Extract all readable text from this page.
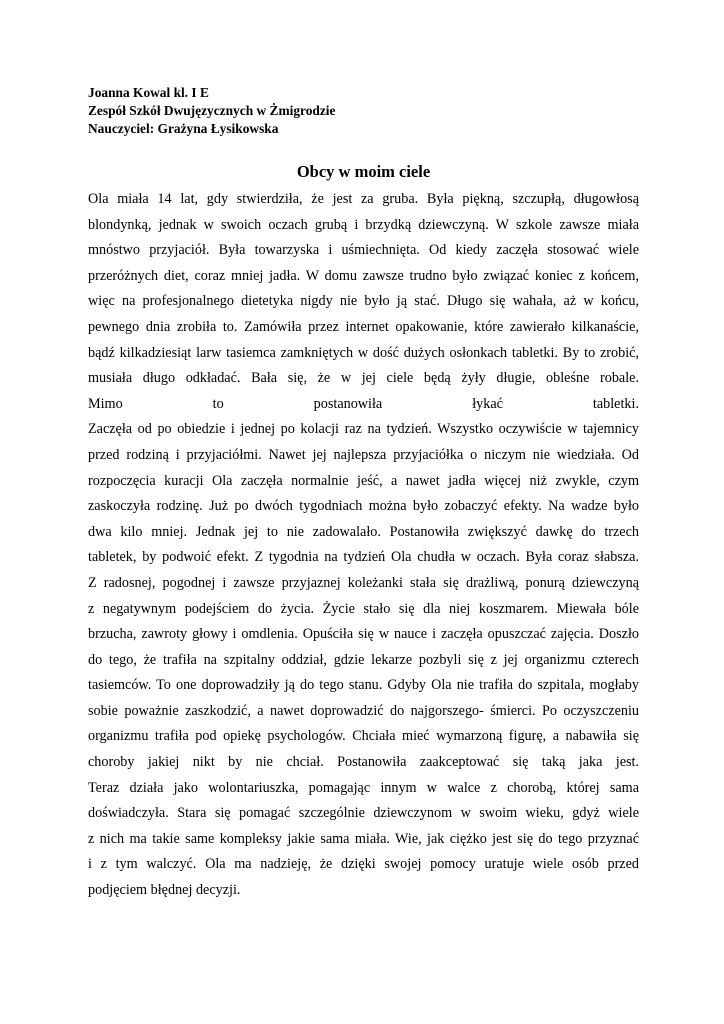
Joanna Kowal kl. I E
Zespół Szkół Dwujęzycznych w Żmigrodzie
Nauczyciel: Grażyna Łysikowska
Obcy w moim ciele
Ola miała 14 lat, gdy stwierdziła, że jest za gruba. Była piękną, szczupłą, długowłosą
blondynką, jednak w swoich oczach grubą i brzydką dziewczyną. W szkole zawsze miała
mnóstwo przyjaciół. Była towarzyska i uśmiechnięta. Od kiedy zaczęła stosować wiele
przeróżnych diet, coraz mniej jadła. W domu zawsze trudno było związać koniec z końcem,
więc na profesjonalnego dietetyka nigdy nie było ją stać. Długo się wahała, aż w końcu,
pewnego dnia zrobiła to. Zamówiła przez internet opakowanie, które zawierało kilkanaście,
bądź kilkadziesiąt larw tasiemca zamkniętych w dość dużych osłonkach tabletki. By to zrobić,
musiała długo odkładać. Bała się, że w jej ciele będą żyły długie, obleśne robale.
Mimo to postanowiła łykać tabletki.
Zaczęła od po obiedzie i jednej po kolacji raz na tydzień. Wszystko oczywiście w tajemnicy
przed rodziną i przyjaciółmi. Nawet jej najlepsza przyjaciółka o niczym nie wiedziała. Od
rozpoczęcia kuracji Ola zaczęła normalnie jeść, a nawet jadła więcej niż zwykle, czym
zaskoczyła rodzinę. Już po dwóch tygodniach można było zobaczyć efekty. Na wadze było
dwa kilo mniej. Jednak jej to nie zadowalało. Postanowiła zwiększyć dawkę do trzech
tabletek, by podwoić efekt. Z tygodnia na tydzień Ola chudła w oczach. Była coraz słabsza.
Z radosnej, pogodnej i zawsze przyjaznej koleżanki stała się drażliwą, ponurą dziewczyną
z negatywnym podejściem do życia. Życie stało się dla niej koszmarem. Miewała bóle
brzucha, zawroty głowy i omdlenia. Opuściła się w nauce i zaczęła opuszczać zajęcia. Doszło
do tego, że trafiła na szpitalny oddział, gdzie lekarze pozbyli się z jej organizmu czterech
tasiemców. To one doprowadziły ją do tego stanu. Gdyby Ola nie trafiła do szpitala, mogłaby
sobie poważnie zaszkodzić, a nawet doprowadzić do najgorszego- śmierci. Po oczyszczeniu
organizmu trafiła pod opiekę psychologów. Chciała mieć wymarzoną figurę, a nabawiła się
choroby jakiej nikt by nie chciał. Postanowiła zaakceptować się taką jaka jest.
Teraz działa jako wolontariuszka, pomagając innym w walce z chorobą, której sama
doświadczyła. Stara się pomagać szczególnie dziewczynom w swoim wieku, gdyż wiele
z nich ma takie same kompleksy jakie sama miała. Wie, jak ciężko jest się do tego przyznać
i z tym walczyć. Ola ma nadzieję, że dzięki swojej pomocy uratuje wiele osób przed
podjęciem błędnej decyzji.
